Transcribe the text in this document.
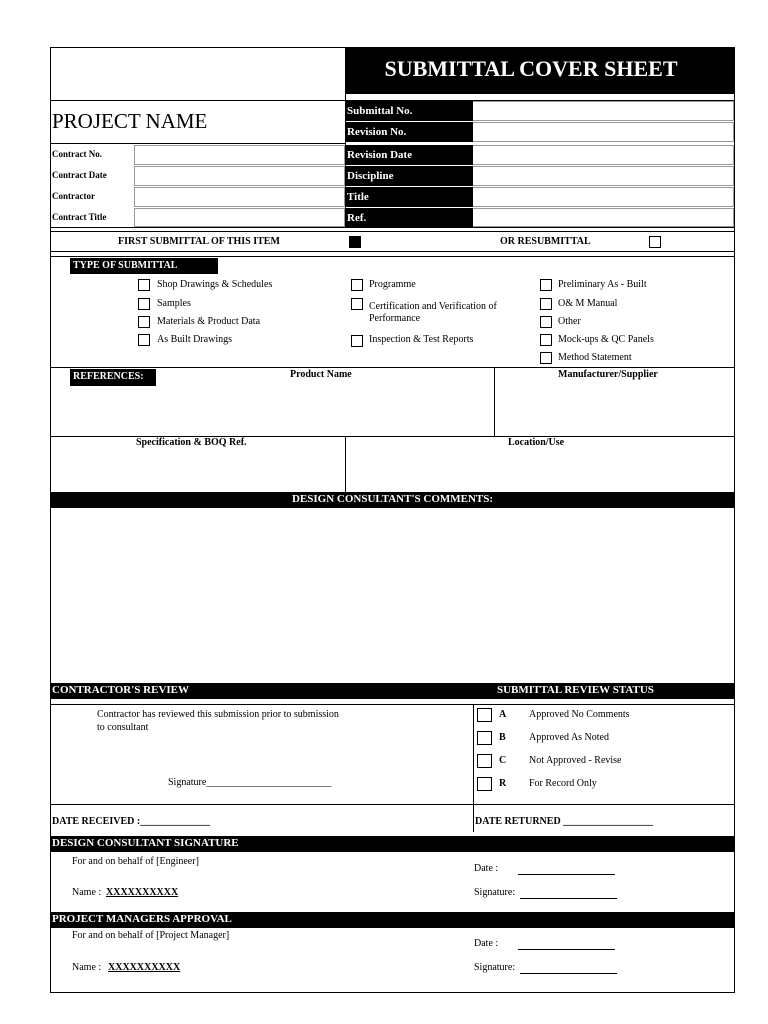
SUBMITTAL COVER SHEET
PROJECT NAME
Contract No.
Contract Date
Contractor
Contract Title
Submittal No.
Revision No.
Revision Date
Discipline
Title
Ref.
FIRST SUBMITTAL OF THIS ITEM	OR RESUBMITTAL
TYPE OF SUBMITTAL
Shop Drawings & Schedules
Samples
Materials & Product Data
As Built Drawings
Programme
Certification and Verification of
Performance
Inspection & Test Reports
Preliminary As - Built
O& M Manual
Other
Mock-ups & QC Panels
Method Statement
REFERENCES:	Product Name	Manufacturer/Supplier
Specification & BOQ Ref.	Location/Use
DESIGN CONSULTANT'S COMMENTS:
CONTRACTOR'S REVIEW	SUBMITTAL REVIEW STATUS
Contractor has reviewed this submission prior to submission
to consultant
Signature_________________________
A Approved No Comments
B Approved As Noted
C Not Approved - Revise
R For Record Only
DATE RECEIVED :______________	DATE RETURNED __________________
DESIGN CONSULTANT SIGNATURE
For and on behalf of [Engineer]
Date :
Name : XXXXXXXXXX	Signature:
PROJECT MANAGERS APPROVAL
For and on behalf of [Project Manager]
Date :
Name : XXXXXXXXXX	Signature:
